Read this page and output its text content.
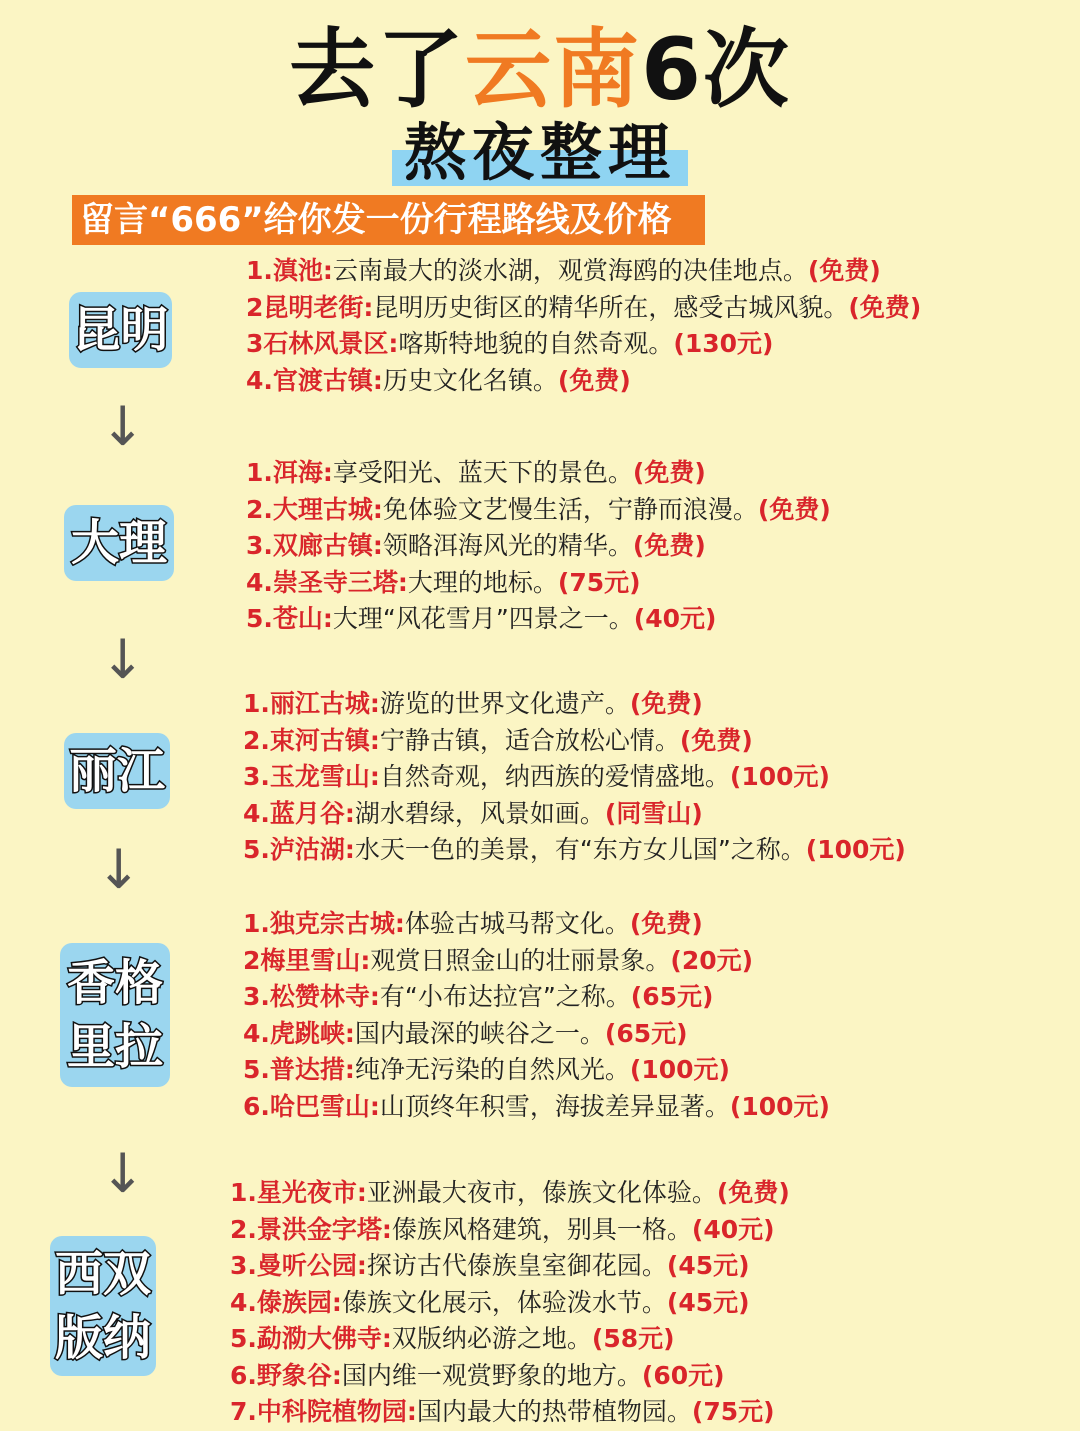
去了云南6次
熬夜整理
留言“666”给你发一份行程路线及价格
昆明
1.滇池:云南最大的淡水湖，观赏海鸥的决佳地点。(免费)
2昆明老街:昆明历史街区的精华所在，感受古城风貌。(免费)
3石林风景区:喀斯特地貌的自然奇观。(130元)
4.官渡古镇:历史文化名镇。(免费)
↓
大理
1.洱海:享受阳光、蓝天下的景色。(免费)
2.大理古城:免体验文艺慢生活，宁静而浪漫。(免费)
3.双廊古镇:领略洱海风光的精华。(免费)
4.崇圣寺三塔:大理的地标。(75元)
5.苍山:大理“风花雪月”四景之一。(40元)
↓
丽江
1.丽江古城:游览的世界文化遗产。(免费)
2.束河古镇:宁静古镇，适合放松心情。(免费)
3.玉龙雪山:自然奇观，纳西族的爱情盛地。(100元)
4.蓝月谷:湖水碧绿，风景如画。(同雪山)
5.泸沽湖:水天一色的美景，有“东方女儿国”之称。(100元)
↓
香格
里拉
1.独克宗古城:体验古城马帮文化。(免费)
2梅里雪山:观赏日照金山的壮丽景象。(20元)
3.松赞林寺:有“小布达拉宫”之称。(65元)
4.虎跳峡:国内最深的峡谷之一。(65元)
5.普达措:纯净无污染的自然风光。(100元)
6.哈巴雪山:山顶终年积雪，海拔差异显著。(100元)
↓
西双
版纳
1.星光夜市:亚洲最大夜市，傣族文化体验。(免费)
2.景洪金字塔:傣族风格建筑，别具一格。(40元)
3.曼听公园:探访古代傣族皇室御花园。(45元)
4.傣族园:傣族文化展示，体验泼水节。(45元)
5.勐泐大佛寺:双版纳必游之地。(58元)
6.野象谷:国内维一观赏野象的地方。(60元)
7.中科院植物园:国内最大的热带植物园。(75元)
